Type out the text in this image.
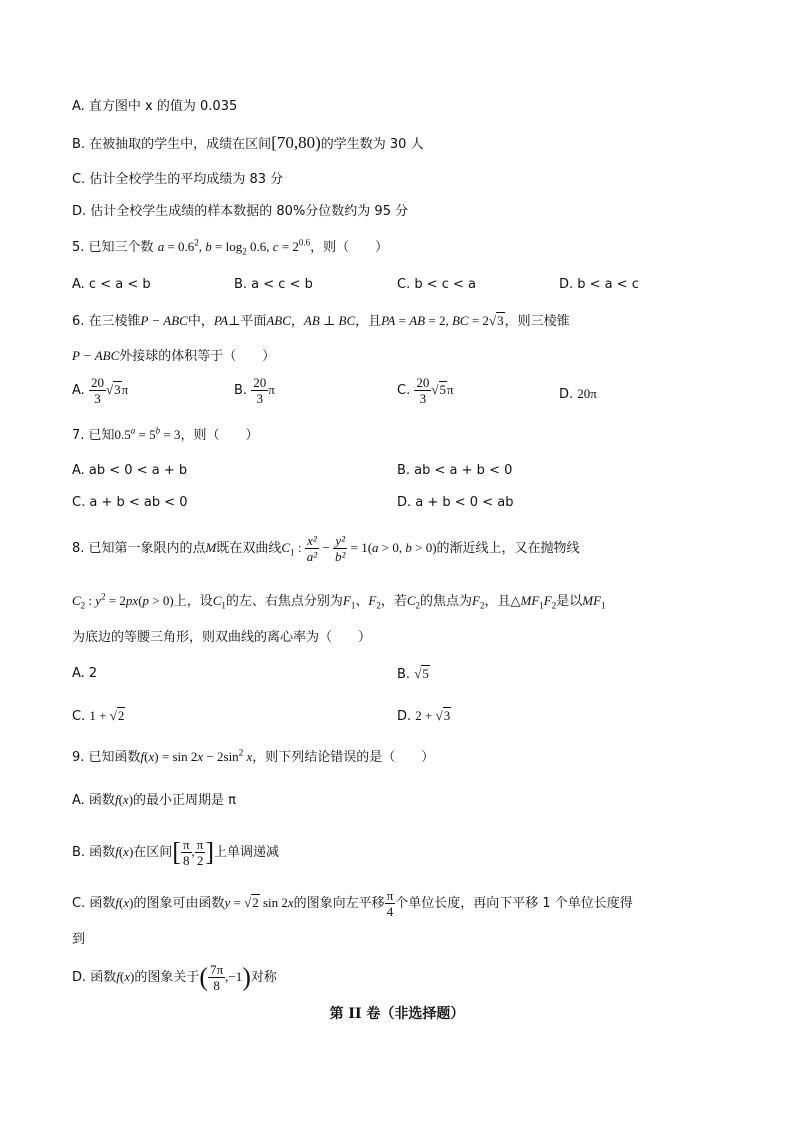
A. 直方图中 x 的值为 0.035
B. 在被抽取的学生中，成绩在区间[70,80)的学生数为 30 人
C. 估计全校学生的平均成绩为 83 分
D. 估计全校学生成绩的样本数据的 80%分位数约为 95 分
5. 已知三个数 $a = 0.6^2$, $b = \log_2 0.6$, $c = 2^{0.6}$，则（　　）
A. c < a < b	B. a < c < b	C. b < c < a	D. b < a < c
6. 在三棱锥P − ABC中，PA⊥平面ABC，AB ⊥ BC，且PA = AB = 2, BC = 2√3，则三棱锥
P − ABC外接球的体积等于（　　）
A. $\frac{20}{3} √3\pi$	B. $\frac{20}{3}$ π	C. $\frac{20}{3} √5\pi$	D. 20π
7. 已知$0.5^a = 5^b = 3$，则（　　）
A. ab < 0 < a + b	B. ab < a + b < 0
C. a + b < ab < 0	D. a + b < 0 < ab
8. 已知第一象限内的点M既在双曲线$C_1$ : $\frac{\text{x²}}{\text{a²}} - \frac{\text{y²}}{\text{b²}} = 1(a > 0$, b > 0)的渐近线上，又在抛物线
$C_2$ : $y^2 = 2px(p > 0)$上，设$C_1$的左、右焦点分别为$F_1$、$F_2$，若$C_2$的焦点为$F_2$，且$\triangle MF_1F_2$是以$MF_1$
为底边的等腰三角形，则双曲线的离心率为（　　）
A. 2	B. √5
C. 1 + √2	D. 2 + √3
9. 已知函数$f(x) = \sin 2x - 2\sin^2$ x，则下列结论错误的是（　　）
A. 函数f(x)的最小正周期是 π
B. 函数f(x)在区间[ $\frac{\pi}{8}$ , $\frac{\pi}{2}$ ]上单调递减
C. 函数f(x)的图象可由函数y = √2 sin 2x的图象向左平移 $\frac{\pi}{4}$ 个单位长度，再向下平移 1 个单位长度得
到
D. 函数f(x)的图象关于( $\frac{7\pi}{8} ,-1$)对称
第 II 卷（非选择题）
